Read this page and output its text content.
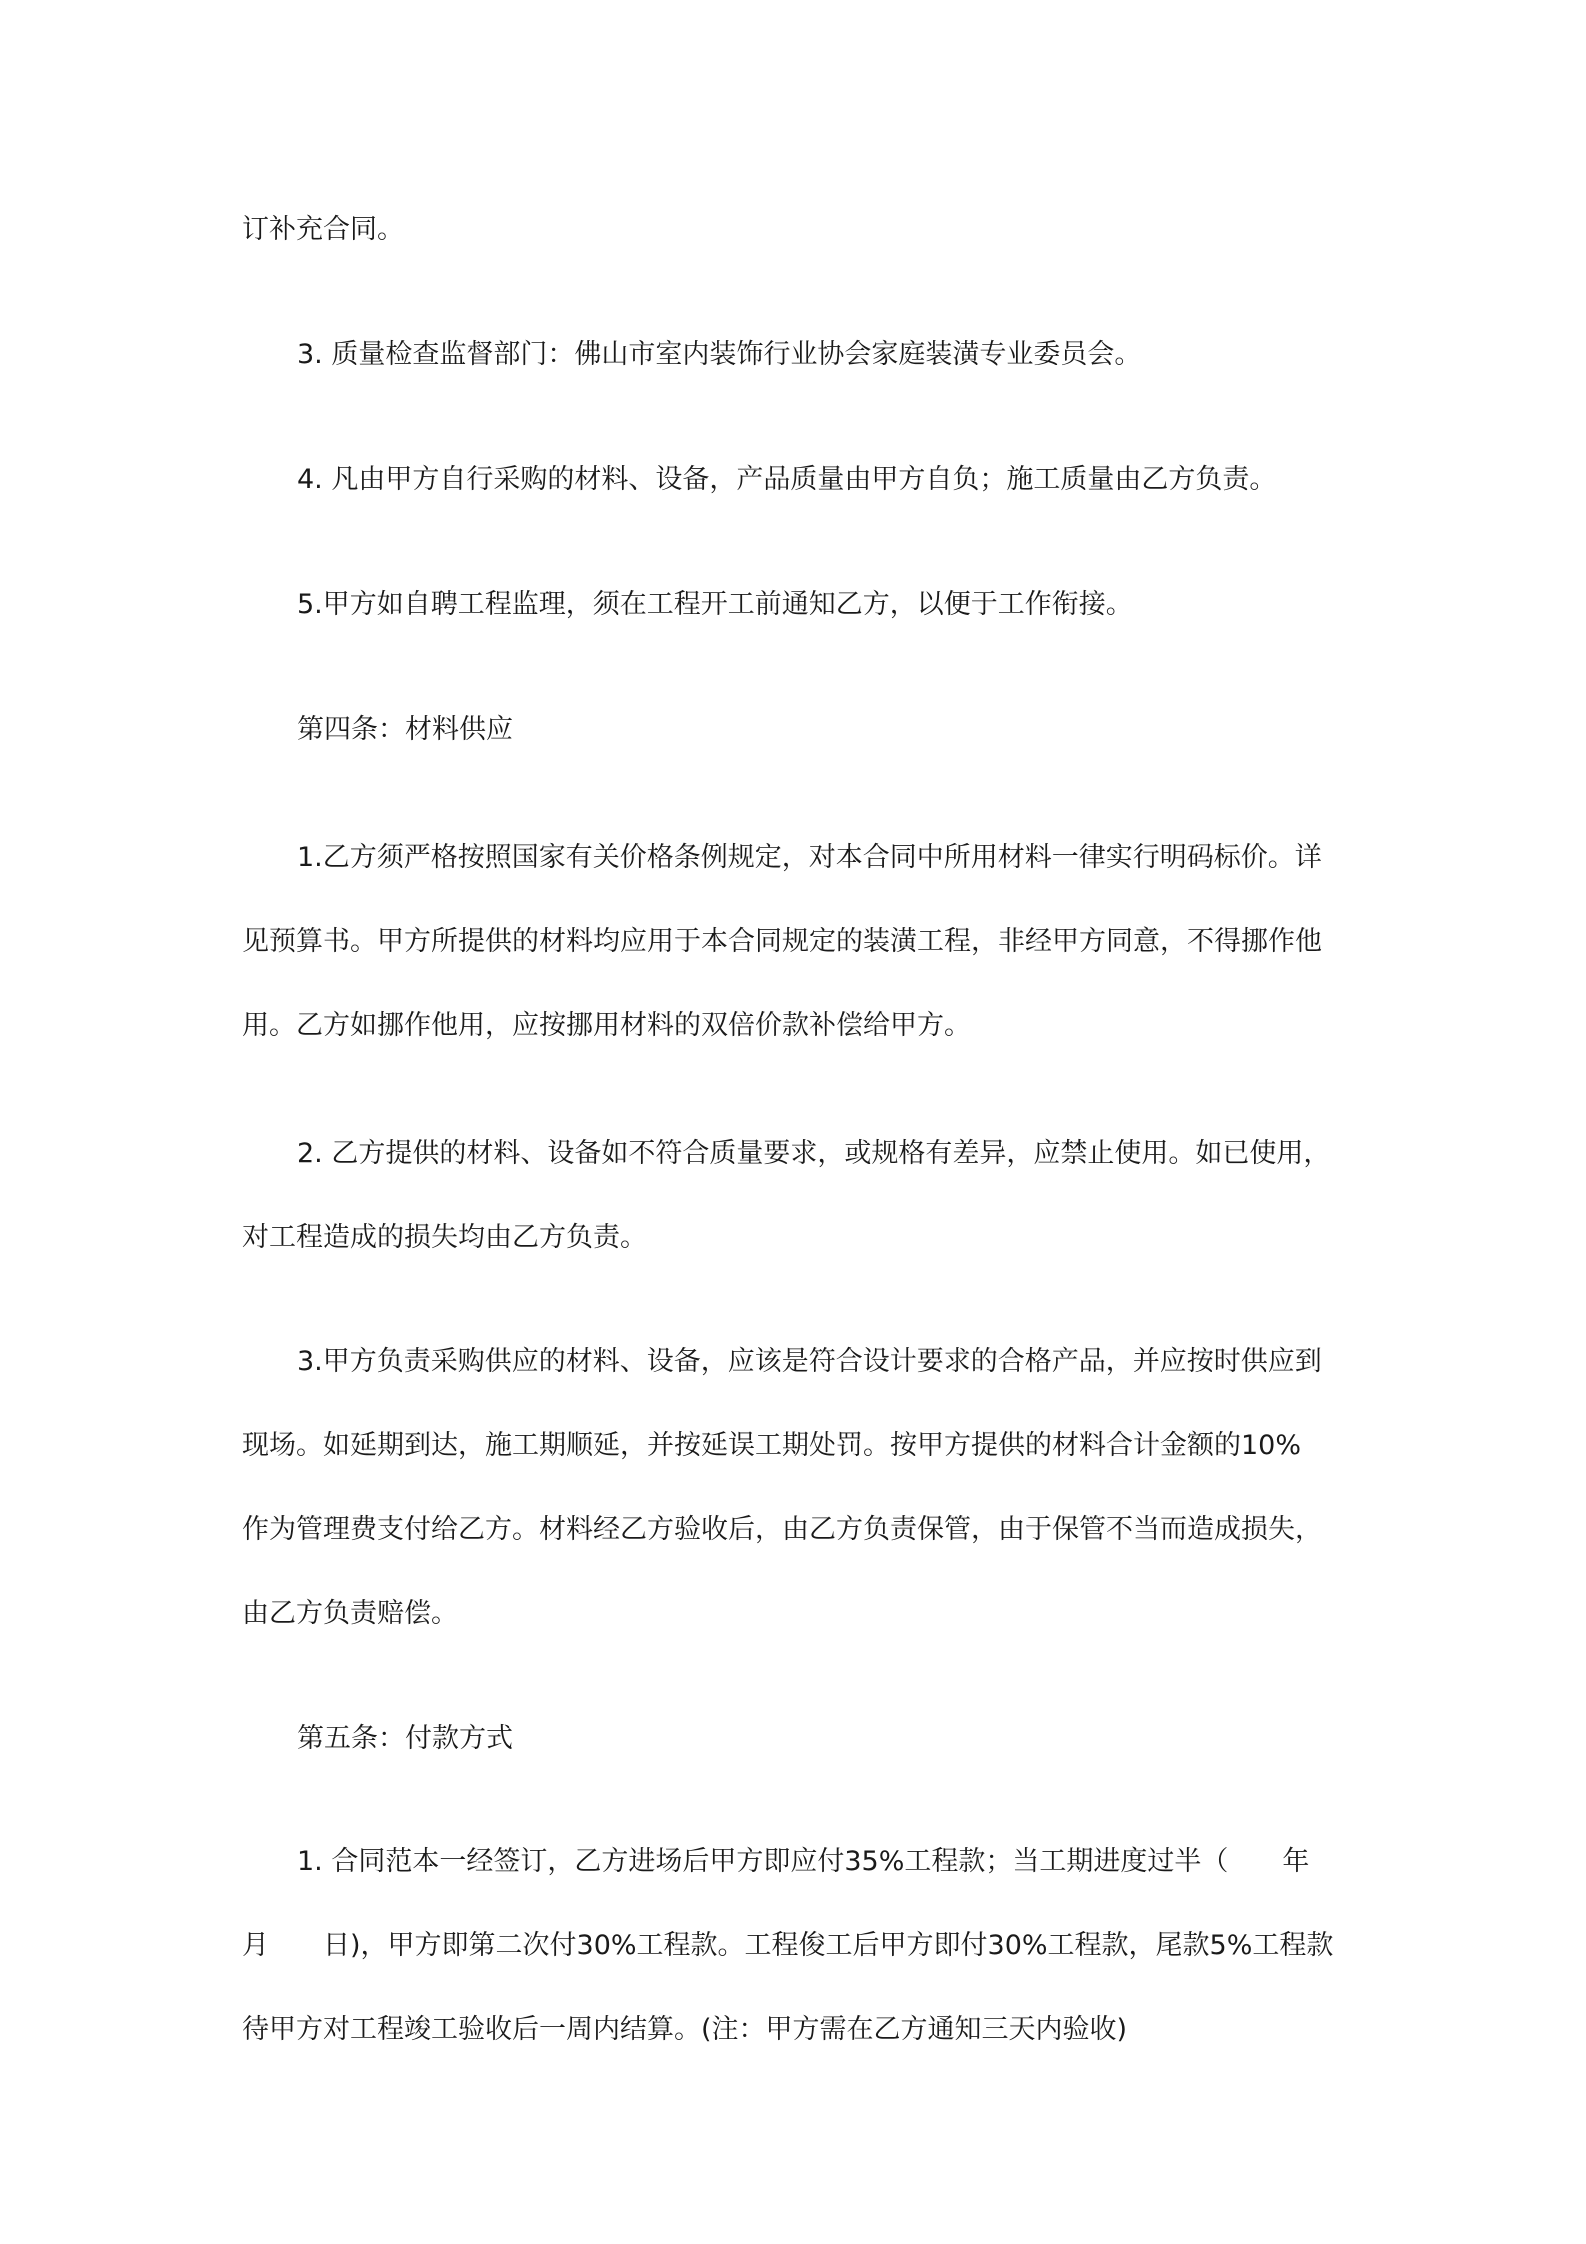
订补充合同。

3. 质量检查监督部门：佛山市室内装饰行业协会家庭装潢专业委员会。

4. 凡由甲方自行采购的材料、设备，产品质量由甲方自负；施工质量由乙方负责。

5.甲方如自聘工程监理，须在工程开工前通知乙方，以便于工作衔接。

第四条：材料供应

1.乙方须严格按照国家有关价格条例规定，对本合同中所用材料一律实行明码标价。详
见预算书。甲方所提供的材料均应用于本合同规定的装潢工程，非经甲方同意，不得挪作他
用。乙方如挪作他用，应按挪用材料的双倍价款补偿给甲方。

2. 乙方提供的材料、设备如不符合质量要求，或规格有差异，应禁止使用。如已使用，
对工程造成的损失均由乙方负责。

3.甲方负责采购供应的材料、设备，应该是符合设计要求的合格产品，并应按时供应到
现场。如延期到达，施工期顺延，并按延误工期处罚。按甲方提供的材料合计金额的10%
作为管理费支付给乙方。材料经乙方验收后，由乙方负责保管，由于保管不当而造成损失，
由乙方负责赔偿。

第五条：付款方式

1. 合同范本一经签订，乙方进场后甲方即应付35%工程款；当工期进度过半（　　年
月　　日)，甲方即第二次付30%工程款。工程俊工后甲方即付30%工程款，尾款5%工程款
待甲方对工程竣工验收后一周内结算。(注：甲方需在乙方通知三天内验收)
